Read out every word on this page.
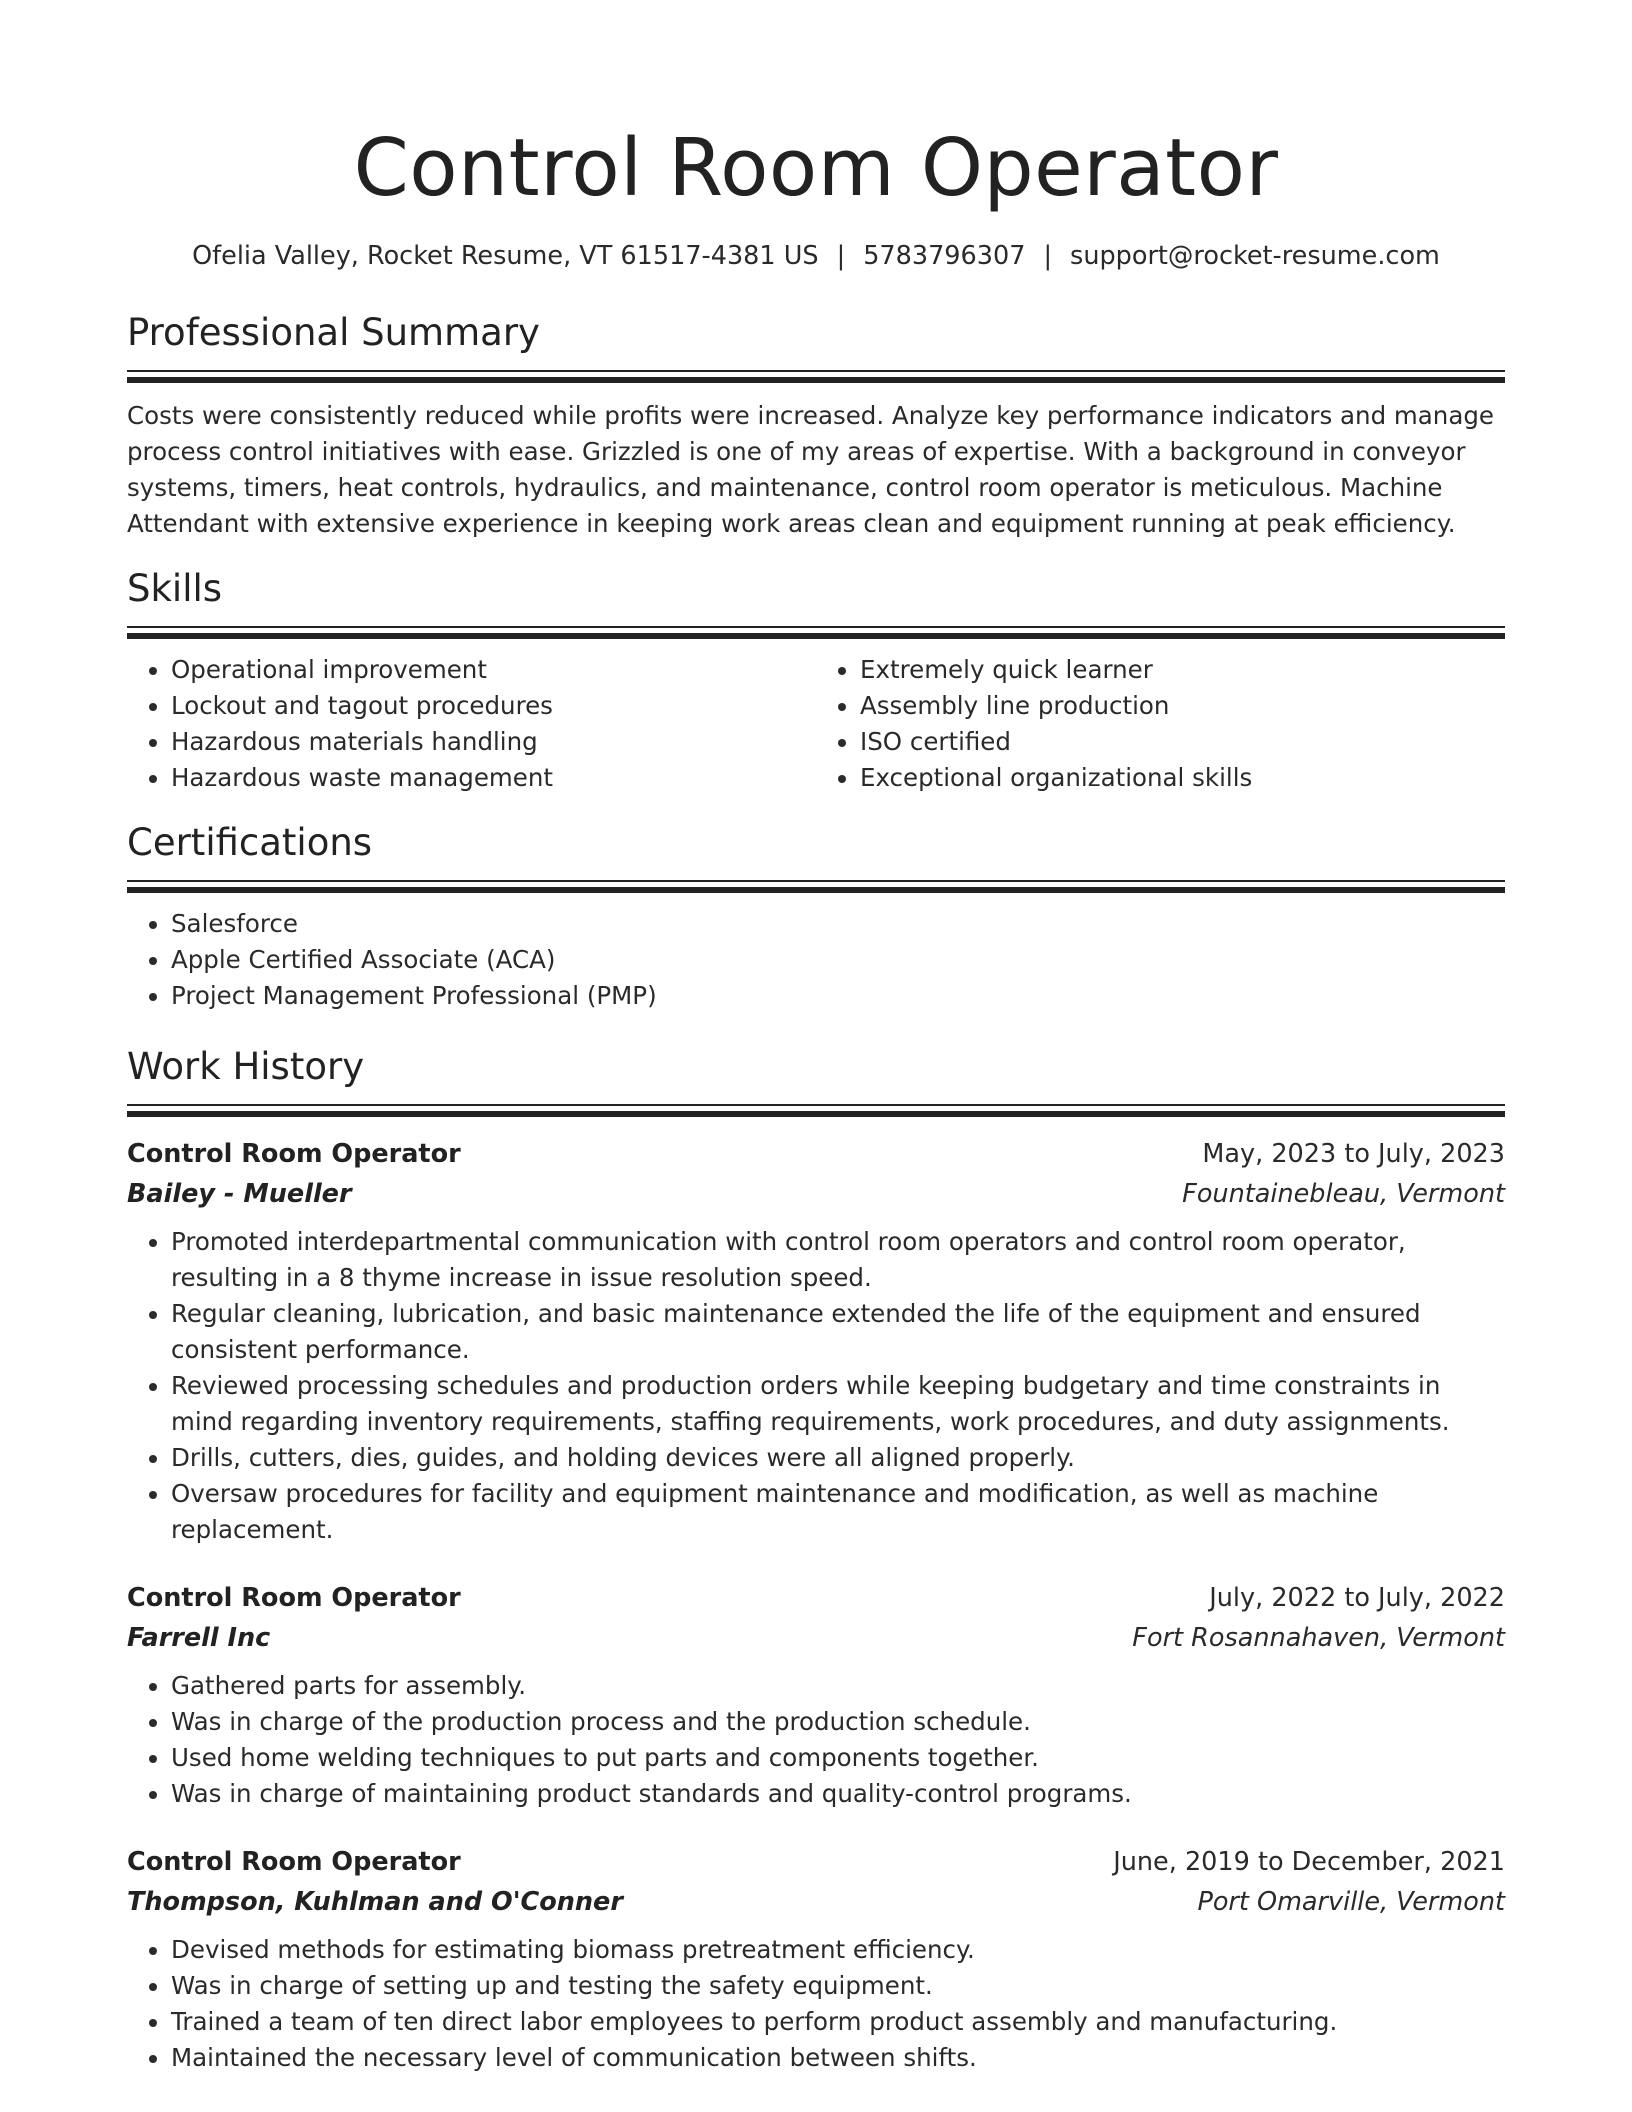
Control Room Operator
Ofelia Valley, Rocket Resume, VT 61517-4381 US | 5783796307 | support@rocket-resume.com
Professional Summary

Costs were consistently reduced while profits were increased. Analyze key performance indicators and manage process control initiatives with ease. Grizzled is one of my areas of expertise. With a background in conveyor systems, timers, heat controls, hydraulics, and maintenance, control room operator is meticulous. Machine Attendant with extensive experience in keeping work areas clean and equipment running at peak efficiency.

Skills
• Operational improvement
• Lockout and tagout procedures
• Hazardous materials handling
• Hazardous waste management
• Extremely quick learner
• Assembly line production
• ISO certified
• Exceptional organizational skills
Certifications
• Salesforce
• Apple Certified Associate (ACA)
• Project Management Professional (PMP)
Work History
Control Room Operator	May, 2023 to July, 2023
Bailey - Mueller	Fountainebleau, Vermont
• Promoted interdepartmental communication with control room operators and control room operator, resulting in a 8 thyme increase in issue resolution speed.
• Regular cleaning, lubrication, and basic maintenance extended the life of the equipment and ensured consistent performance.
• Reviewed processing schedules and production orders while keeping budgetary and time constraints in mind regarding inventory requirements, staffing requirements, work procedures, and duty assignments.
• Drills, cutters, dies, guides, and holding devices were all aligned properly.
• Oversaw procedures for facility and equipment maintenance and modification, as well as machine replacement.
Control Room Operator	July, 2022 to July, 2022
Farrell Inc	Fort Rosannahaven, Vermont
• Gathered parts for assembly.
• Was in charge of the production process and the production schedule.
• Used home welding techniques to put parts and components together.
• Was in charge of maintaining product standards and quality-control programs.
Control Room Operator	June, 2019 to December, 2021
Thompson, Kuhlman and O'Conner	Port Omarville, Vermont
• Devised methods for estimating biomass pretreatment efficiency.
• Was in charge of setting up and testing the safety equipment.
• Trained a team of ten direct labor employees to perform product assembly and manufacturing.
• Maintained the necessary level of communication between shifts.
